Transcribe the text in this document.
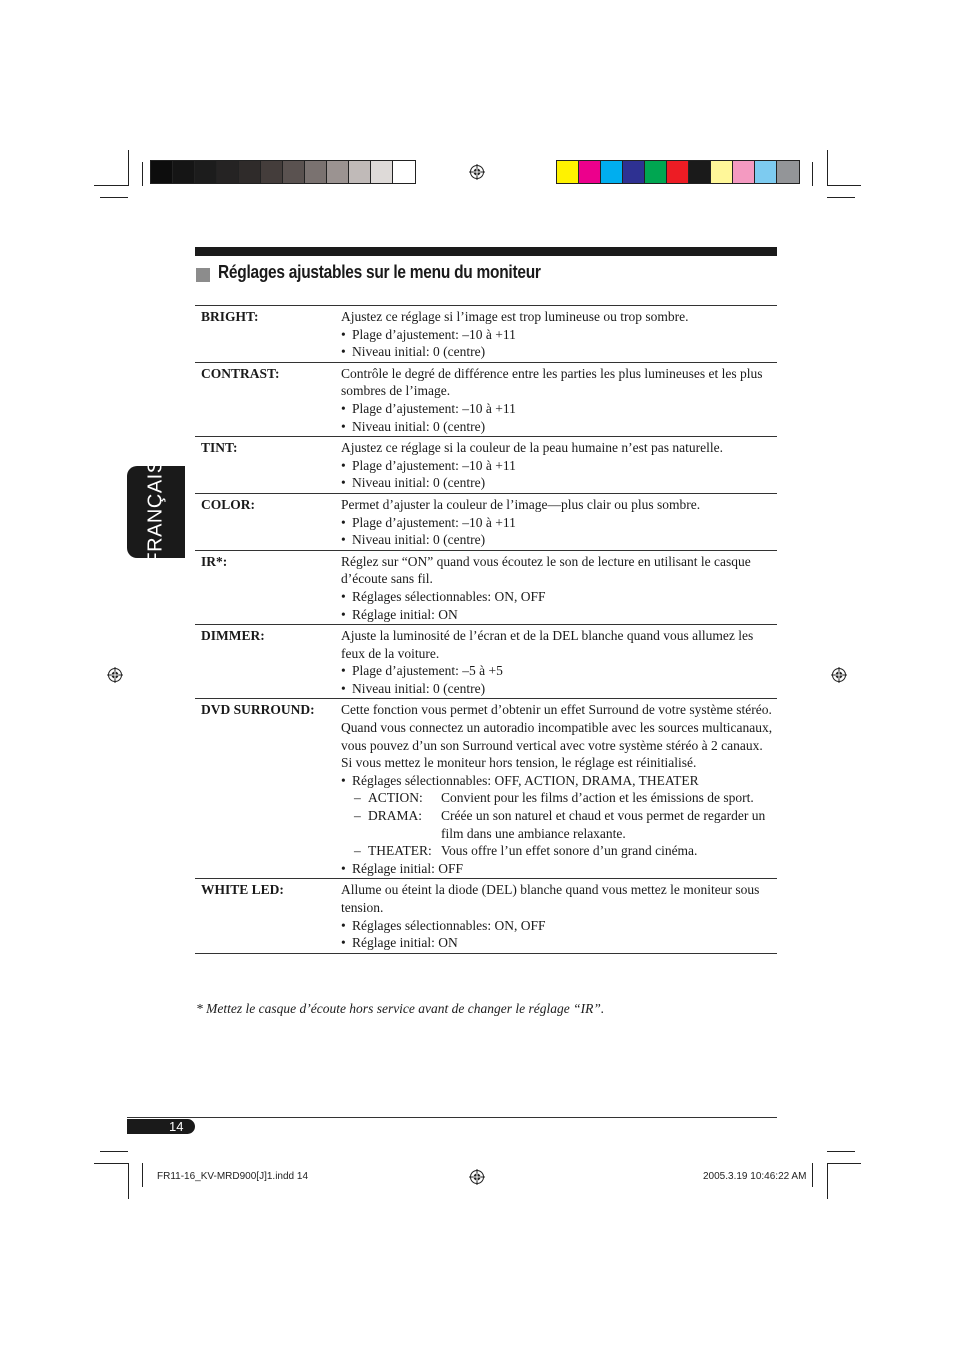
Réglages ajustables sur le menu du moniteur
FRANÇAIS
BRIGHT:	Ajustez ce réglage si l’image est trop lumineuse ou trop sombre.
• Plage d’ajustement: –10 à +11
• Niveau initial: 0 (centre)
CONTRAST:	Contrôle le degré de différence entre les parties les plus lumineuses et les plus sombres de l’image.
• Plage d’ajustement: –10 à +11
• Niveau initial: 0 (centre)
TINT:	Ajustez ce réglage si la couleur de la peau humaine n’est pas naturelle.
• Plage d’ajustement: –10 à +11
• Niveau initial: 0 (centre)
COLOR:	Permet d’ajuster la couleur de l’image—plus clair ou plus sombre.
• Plage d’ajustement: –10 à +11
• Niveau initial: 0 (centre)
IR*:	Réglez sur “ON” quand vous écoutez le son de lecture en utilisant le casque d’écoute sans fil.
• Réglages sélectionnables: ON, OFF
• Réglage initial: ON
DIMMER:	Ajuste la luminosité de l’écran et de la DEL blanche quand vous allumez les feux de la voiture.
• Plage d’ajustement: –5 à +5
• Niveau initial: 0 (centre)
DVD SURROUND:	Cette fonction vous permet d’obtenir un effet Surround de votre système stéréo. Quand vous connectez un autoradio incompatible avec les sources multicanaux, vous pouvez d’un son Surround vertical avec votre système stéréo à 2 canaux.
Si vous mettez le moniteur hors tension, le réglage est réinitialisé.
• Réglages sélectionnables: OFF, ACTION, DRAMA, THEATER
– ACTION:	Convient pour les films d’action et les émissions de sport.
– DRAMA:	Créée un son naturel et chaud et vous permet de regarder un film dans une ambiance relaxante.
– THEATER: Vous offre l’un effet sonore d’un grand cinéma.
• Réglage initial: OFF
WHITE LED:	Allume ou éteint la diode (DEL) blanche quand vous mettez le moniteur sous tension.
• Réglages sélectionnables: ON, OFF
• Réglage initial: ON
* Mettez le casque d’écoute hors service avant de changer le réglage “IR”.
14
FR11-16_KV-MRD900[J]1.indd 14	2005.3.19 10:46:22 AM
